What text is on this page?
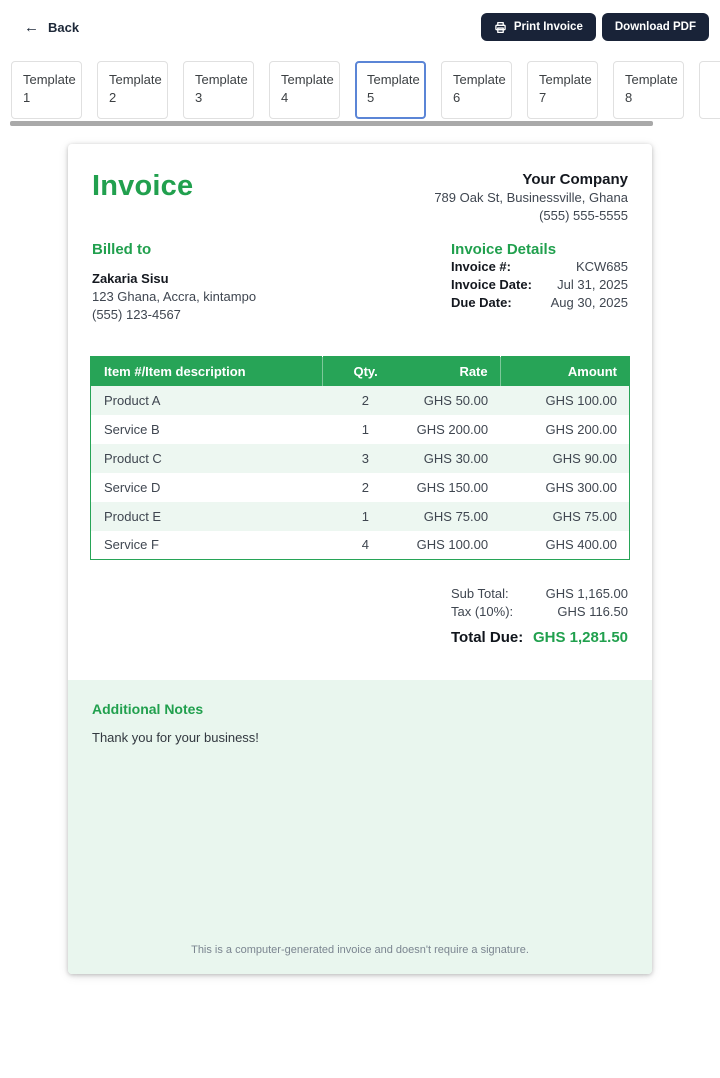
← Back	Print Invoice	Download PDF
Template
1
Template
2
Template
3
Template
4
Template
5
Template
6
Template
7
Template
8
Invoice	Your Company
789 Oak St, Businessville, Ghana
(555) 555-5555
Billed to
Zakaria Sisu
123 Ghana, Accra, kintampo
(555) 123-4567
Invoice Details
Invoice #:	KCW685
Invoice Date: Jul 31, 2025
Due Date:	Aug 30, 2025
Item #/Item description	Qty.	Rate	Amount
Product A	2	GHS 50.00	GHS 100.00
Service B	1	GHS 200.00	GHS 200.00
Product C	3	GHS 30.00	GHS 90.00
Service D	2	GHS 150.00	GHS 300.00
Product E	1	GHS 75.00	GHS 75.00
Service F	4	GHS 100.00	GHS 400.00
Sub Total:	GHS 1,165.00
Tax (10%):	GHS 116.50
Total Due: GHS 1,281.50
Additional Notes
Thank you for your business!
This is a computer-generated invoice and doesn't require a signature.
